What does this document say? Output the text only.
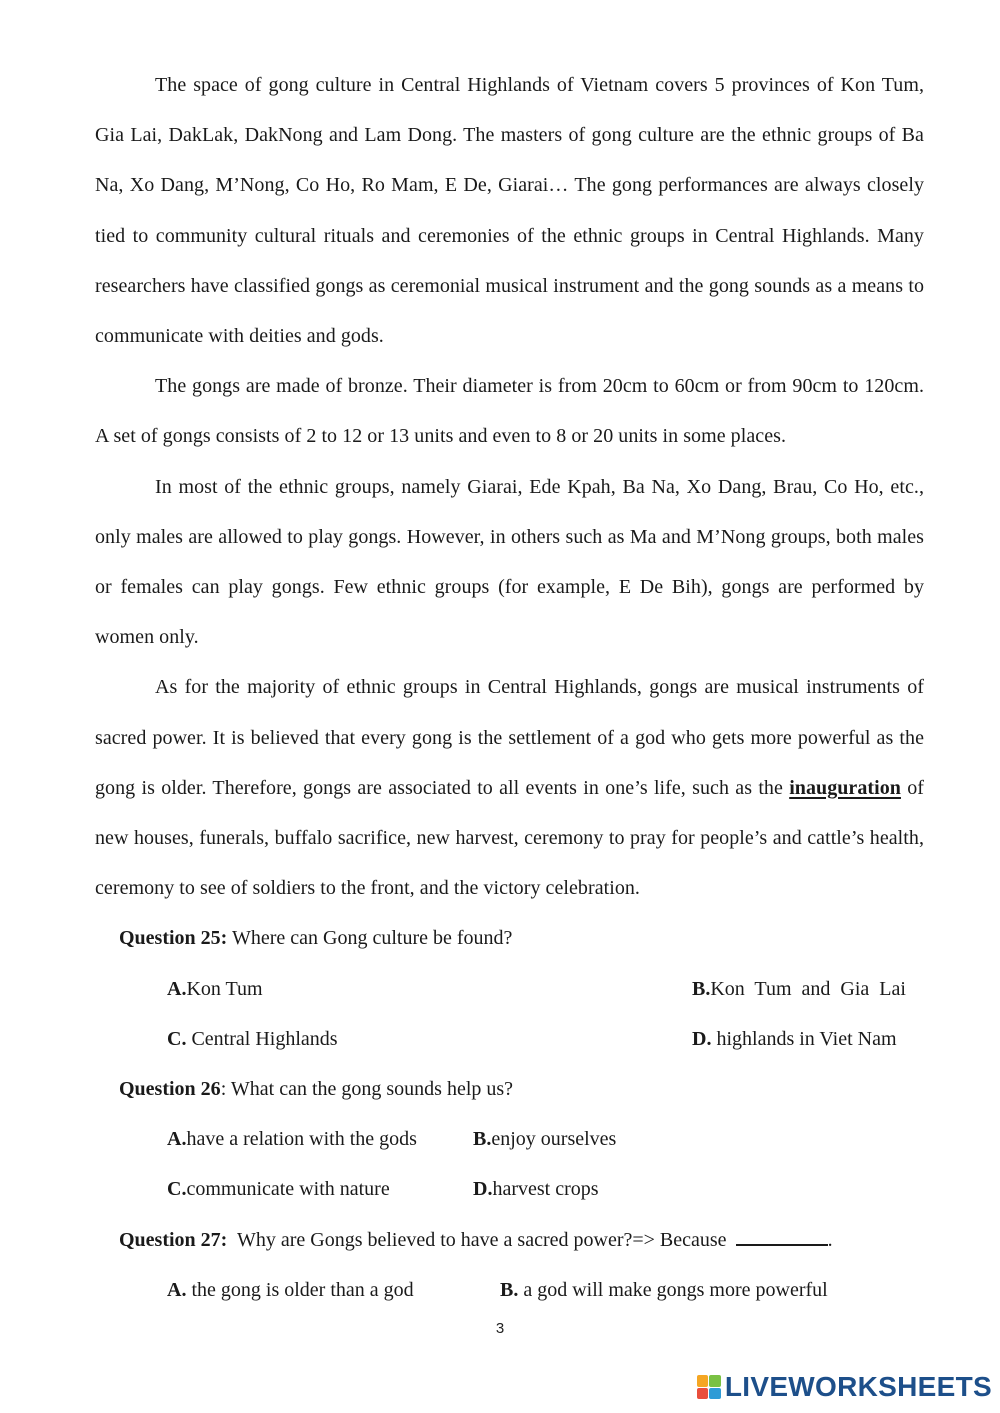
The space of gong culture in Central Highlands of Vietnam covers 5 provinces of Kon Tum, Gia Lai, DakLak, DakNong and Lam Dong. The masters of gong culture are the ethnic groups of Ba Na, Xo Dang, M’Nong, Co Ho, Ro Mam, E De, Giarai… The gong performances are always closely tied to community cultural rituals and ceremonies of the ethnic groups in Central Highlands. Many researchers have classified gongs as ceremonial musical instrument and the gong sounds as a means to communicate with deities and gods.

The gongs are made of bronze. Their diameter is from 20cm to 60cm or from 90cm to 120cm. A set of gongs consists of 2 to 12 or 13 units and even to 8 or 20 units in some places.

In most of the ethnic groups, namely Giarai, Ede Kpah, Ba Na, Xo Dang, Brau, Co Ho, etc., only males are allowed to play gongs. However, in others such as Ma and M’Nong groups, both males or females can play gongs. Few ethnic groups (for example, E De Bih), gongs are performed by women only.

As for the majority of ethnic groups in Central Highlands, gongs are musical instruments of sacred power. It is believed that every gong is the settlement of a god who gets more powerful as the gong is older. Therefore, gongs are associated to all events in one’s life, such as the inauguration of new houses, funerals, buffalo sacrifice, new harvest, ceremony to pray for people’s and cattle’s health, ceremony to see of soldiers to the front, and the victory celebration.

Question 25: Where can Gong culture be found?

A.Kon Tum	B.Kon  Tum  and  Gia  Lai
C. Central Highlands	D. highlands in Viet Nam

Question 26: What can the gong sounds help us?

A.have a relation with the gods	B.enjoy ourselves
C.communicate with nature	D.harvest crops

Question 27:  Why are Gongs believed to have a sacred power?=> Because	.

A. the gong is older than a god	B. a god will make gongs more powerful
3
LIVEWORKSHEETS
